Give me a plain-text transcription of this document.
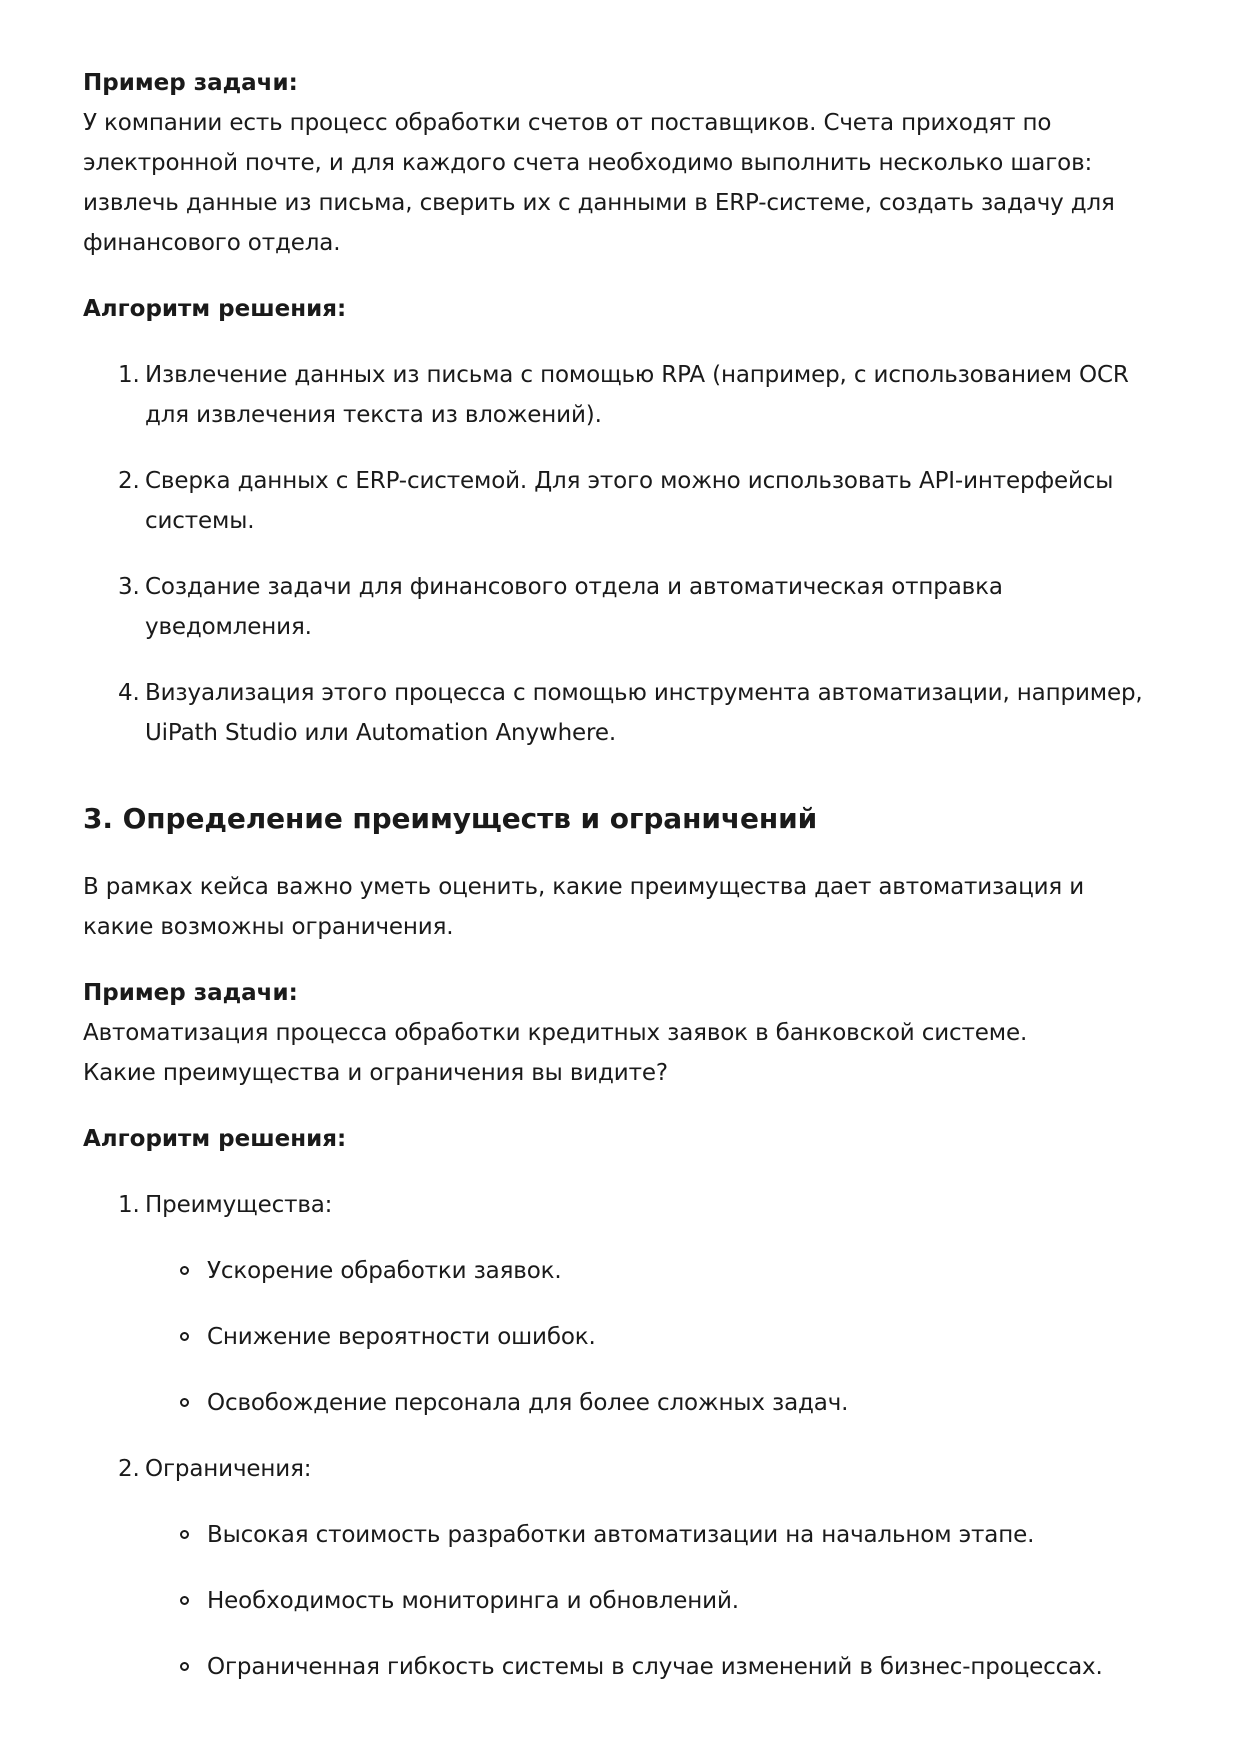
Пример задачи:

У компании есть процесс обработки счетов от поставщиков. Счета приходят по электронной почте, и для каждого счета необходимо выполнить несколько шагов: извлечь данные из письма, сверить их с данными в ERP-системе, создать задачу для финансового отдела.

Алгоритм решения:
1. Извлечение данных из письма с помощью RPA (например, с использованием OCR для извлечения текста из вложений).
2. Сверка данных с ERP-системой. Для этого можно использовать API-интерфейсы системы.
3. Создание задачи для финансового отдела и автоматическая отправка уведомления.
4. Визуализация этого процесса с помощью инструмента автоматизации, например, UiPath Studio или Automation Anywhere.
3. Определение преимуществ и ограничений

В рамках кейса важно уметь оценить, какие преимущества дает автоматизация и какие возможны ограничения.

Пример задачи:

Автоматизация процесса обработки кредитных заявок в банковской системе. Какие преимущества и ограничения вы видите?

Алгоритм решения:
1. Преимущества:
Ускорение обработки заявок.
Снижение вероятности ошибок.
Освобождение персонала для более сложных задач.
2. Ограничения:
Высокая стоимость разработки автоматизации на начальном этапе.
Необходимость мониторинга и обновлений.
Ограниченная гибкость системы в случае изменений в бизнес-процессах.
